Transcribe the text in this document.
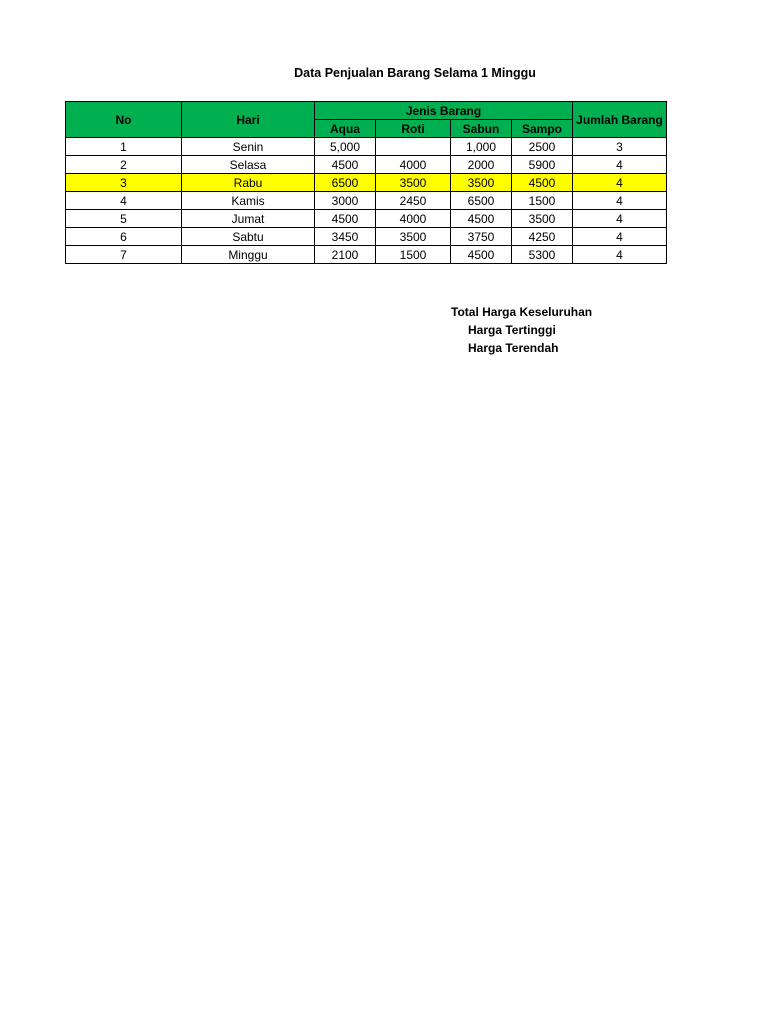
Data Penjualan Barang Selama 1 Minggu
No	Hari	Jenis Barang				Jumlah Barang
		Aqua	Roti	Sabun	Sampo	
1	Senin	5,000		1,000	2500	3
2	Selasa	4500	4000	2000	5900	4
3	Rabu	6500	3500	3500	4500	4
4	Kamis	3000	2450	6500	1500	4
5	Jumat	4500	4000	4500	3500	4
6	Sabtu	3450	3500	3750	4250	4
7	Minggu	2100	1500	4500	5300	4
Total Harga Keseluruhan
Harga Tertinggi
Harga Terendah
